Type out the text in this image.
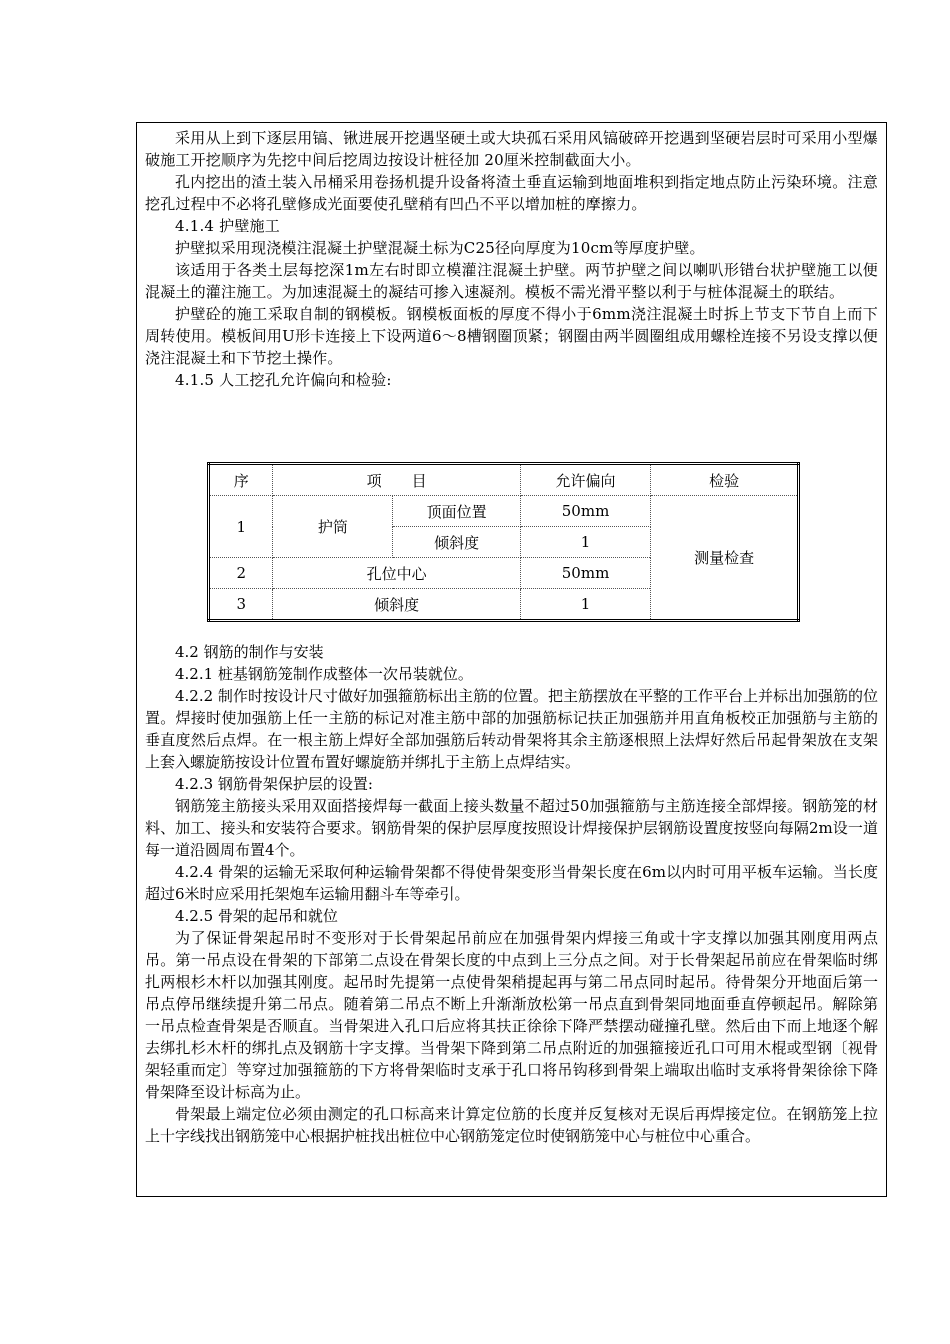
采用从上到下逐层用镐、锹进展开挖遇坚硬土或大块孤石采用风镐破碎开挖遇到坚硬岩层时可采用小型爆破施工开挖顺序为先挖中间后挖周边按设计桩径加 20厘米控制截面大小。

孔内挖出的渣土装入吊桶采用卷扬机提升设备将渣土垂直运输到地面堆积到指定地点防止污染环境。注意挖孔过程中不必将孔壁修成光面要使孔壁稍有凹凸不平以增加桩的摩擦力。

4.1.4 护壁施工

护壁拟采用现浇模注混凝土护壁混凝土标为C25径向厚度为10cm等厚度护壁。

该适用于各类土层每挖深1m左右时即立模灌注混凝土护壁。两节护壁之间以喇叭形错台状护壁施工以便混凝土的灌注施工。为加速混凝土的凝结可掺入速凝剂。模板不需光滑平整以利于与桩体混凝土的联结。

护壁砼的施工采取自制的钢模板。钢模板面板的厚度不得小于6mm浇注混凝土时拆上节支下节自上而下周转使用。模板间用U形卡连接上下设两道6～8槽钢圈顶紧；钢圈由两半圆圈组成用螺栓连接不另设支撑以便浇注混凝土和下节挖土操作。

4.1.5 人工挖孔允许偏向和检验:

序	项　　目		允许偏向	检验
1	护筒	顶面位置	50mm	测量检查
		倾斜度	1	
2	孔位中心		50mm	
3	倾斜度		1	

4.2 钢筋的制作与安装

4.2.1 桩基钢筋笼制作成整体一次吊装就位。

4.2.2 制作时按设计尺寸做好加强箍筋标出主筋的位置。把主筋摆放在平整的工作平台上并标出加强筋的位置。焊接时使加强筋上任一主筋的标记对准主筋中部的加强筋标记扶正加强筋并用直角板校正加强筋与主筋的垂直度然后点焊。在一根主筋上焊好全部加强筋后转动骨架将其余主筋逐根照上法焊好然后吊起骨架放在支架上套入螺旋筋按设计位置布置好螺旋筋并绑扎于主筋上点焊结实。

4.2.3 钢筋骨架保护层的设置:

钢筋笼主筋接头采用双面搭接焊每一截面上接头数量不超过50加强箍筋与主筋连接全部焊接。钢筋笼的材料、加工、接头和安装符合要求。钢筋骨架的保护层厚度按照设计焊接保护层钢筋设置度按竖向每隔2m设一道每一道沿圆周布置4个。

4.2.4 骨架的运输无采取何种运输骨架都不得使骨架变形当骨架长度在6m以内时可用平板车运输。当长度超过6米时应采用托架炮车运输用翻斗车等牵引。

4.2.5 骨架的起吊和就位

为了保证骨架起吊时不变形对于长骨架起吊前应在加强骨架内焊接三角或十字支撑以加强其刚度用两点吊。第一吊点设在骨架的下部第二点设在骨架长度的中点到上三分点之间。对于长骨架起吊前应在骨架临时绑扎两根杉木杆以加强其刚度。起吊时先提第一点使骨架稍提起再与第二吊点同时起吊。待骨架分开地面后第一吊点停吊继续提升第二吊点。随着第二吊点不断上升渐渐放松第一吊点直到骨架同地面垂直停顿起吊。解除第一吊点检查骨架是否顺直。当骨架进入孔口后应将其扶正徐徐下降严禁摆动碰撞孔壁。然后由下而上地逐个解去绑扎杉木杆的绑扎点及钢筋十字支撑。当骨架下降到第二吊点附近的加强箍接近孔口可用木棍或型钢〔视骨架轻重而定〕等穿过加强箍筋的下方将骨架临时支承于孔口将吊钩移到骨架上端取出临时支承将骨架徐徐下降骨架降至设计标高为止。

骨架最上端定位必须由测定的孔口标高来计算定位筋的长度并反复核对无误后再焊接定位。在钢筋笼上拉上十字线找出钢筋笼中心根据护桩找出桩位中心钢筋笼定位时使钢筋笼中心与桩位中心重合。
